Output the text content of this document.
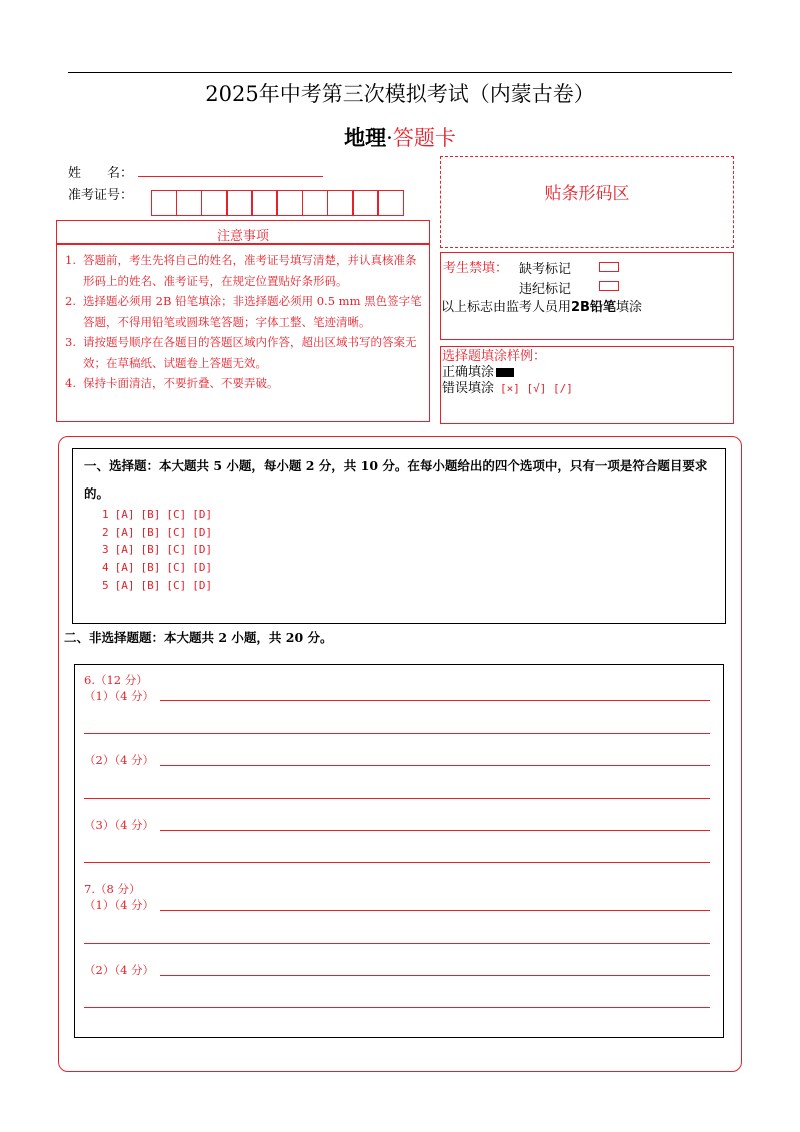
2025年中考第三次模拟考试（内蒙古卷）
地理·答题卡
姓　　名：
准考证号：	贴条形码区
注意事项
1. 答题前，考生先将自己的姓名，准考证号填写清楚，并认真核准条形码上的姓名、准考证号，在规定位置贴好条形码。
2. 选择题必须用 2B 铅笔填涂；非选择题必须用 0.5 mm 黑色签字笔答题，不得用铅笔或圆珠笔答题；字体工整、笔迹清晰。
3. 请按题号顺序在各题目的答题区域内作答，超出区域书写的答案无效；在草稿纸、试题卷上答题无效。
4. 保持卡面清洁，不要折叠、不要弄破。
考生禁填： 缺考标记
违纪标记
以上标志由监考人员用2B铅笔填涂
选择题填涂样例：
正确填涂
错误填涂 [×] [√] [/]
一、选择题：本大题共 5 小题，每小题 2 分，共 10 分。在每小题给出的四个选项中，只有一项是符合题目要求的。
1 [A] [B] [C] [D]
2 [A] [B] [C] [D]
3 [A] [B] [C] [D]
4 [A] [B] [C] [D]
5 [A] [B] [C] [D]
二、非选择题题：本大题共 2 小题，共 20 分。
6.（12 分）
（1）（4 分）
（2）（4 分）
（3）（4 分）
7.（8 分）
（1）（4 分）
（2）（4 分）
